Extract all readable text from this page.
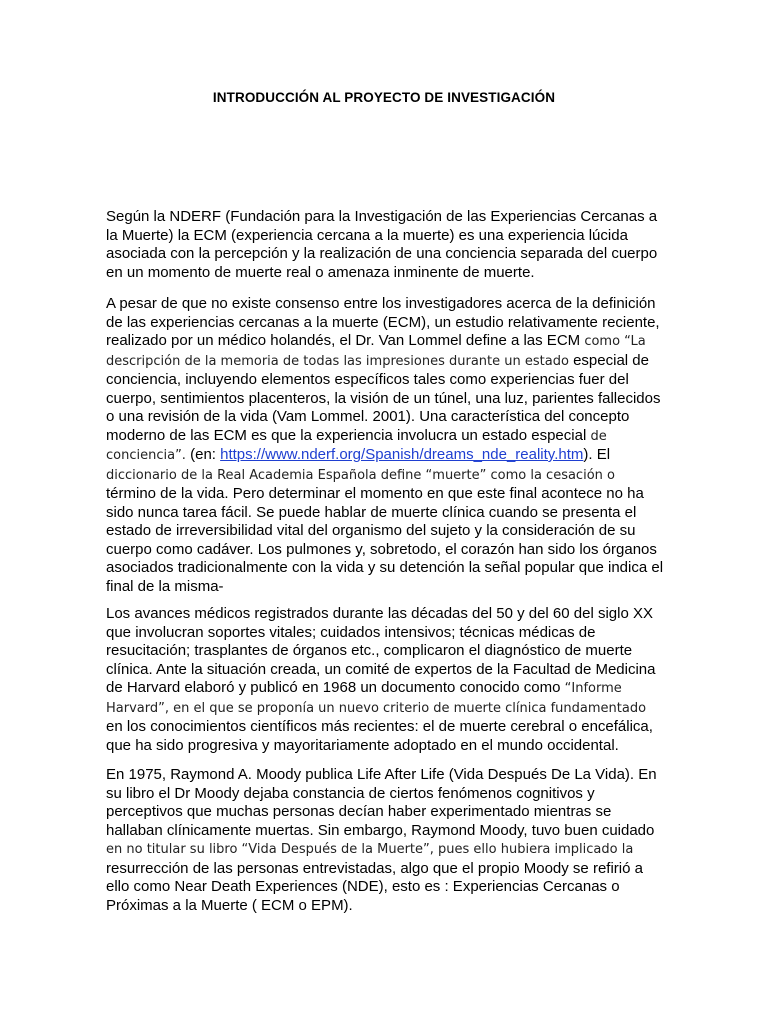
INTRODUCCIÓN AL PROYECTO DE INVESTIGACIÓN

Según la NDERF (Fundación para la Investigación de las Experiencias Cercanas a la Muerte) la ECM (experiencia cercana a la muerte) es una experiencia lúcida asociada con la percepción y la realización de una conciencia separada del cuerpo en un momento de muerte real o amenaza inminente de muerte.

A pesar de que no existe consenso entre los investigadores acerca de la definición de las experiencias cercanas a la muerte (ECM), un estudio relativamente reciente, realizado por un médico holandés, el Dr. Van Lommel define a las ECM como “La descripción de la memoria de todas las impresiones durante un estado especial de conciencia, incluyendo elementos específicos tales como experiencias fuer del cuerpo, sentimientos placenteros, la visión de un túnel, una luz, parientes fallecidos o una revisión de la vida (Vam Lommel. 2001). Una característica del concepto moderno de las ECM es que la experiencia involucra un estado especial de conciencia”. (en: https://www.nderf.org/Spanish/dreams_nde_reality.htm). El diccionario de la Real Academia Española define “muerte” como la cesación o término de la vida. Pero determinar el momento en que este final acontece no ha sido nunca tarea fácil. Se puede hablar de muerte clínica cuando se presenta el estado de irreversibilidad vital del organismo del sujeto y la consideración de su cuerpo como cadáver. Los pulmones y, sobretodo, el corazón han sido los órganos asociados tradicionalmente con la vida y su detención la señal popular que indica el final de la misma-

Los avances médicos registrados durante las décadas del 50 y del 60 del siglo XX que involucran soportes vitales; cuidados intensivos; técnicas médicas de resucitación; trasplantes de órganos etc., complicaron el diagnóstico de muerte clínica. Ante la situación creada, un comité de expertos de la Facultad de Medicina de Harvard elaboró y publicó en 1968 un documento conocido como “Informe Harvard”, en el que se proponía un nuevo criterio de muerte clínica fundamentado en los conocimientos científicos más recientes: el de muerte cerebral o encefálica, que ha sido progresiva y mayoritariamente adoptado en el mundo occidental.

En 1975, Raymond A. Moody publica Life After Life (Vida Después De La Vida). En su libro el Dr Moody dejaba constancia de ciertos fenómenos cognitivos y perceptivos que muchas personas decían haber experimentado mientras se hallaban clínicamente muertas. Sin embargo, Raymond Moody, tuvo buen cuidado en no titular su libro “Vida Después de la Muerte”, pues ello hubiera implicado la resurrección de las personas entrevistadas, algo que el propio Moody se refirió a ello como Near Death Experiences (NDE), esto es : Experiencias Cercanas o Próximas a la Muerte ( ECM o EPM).
